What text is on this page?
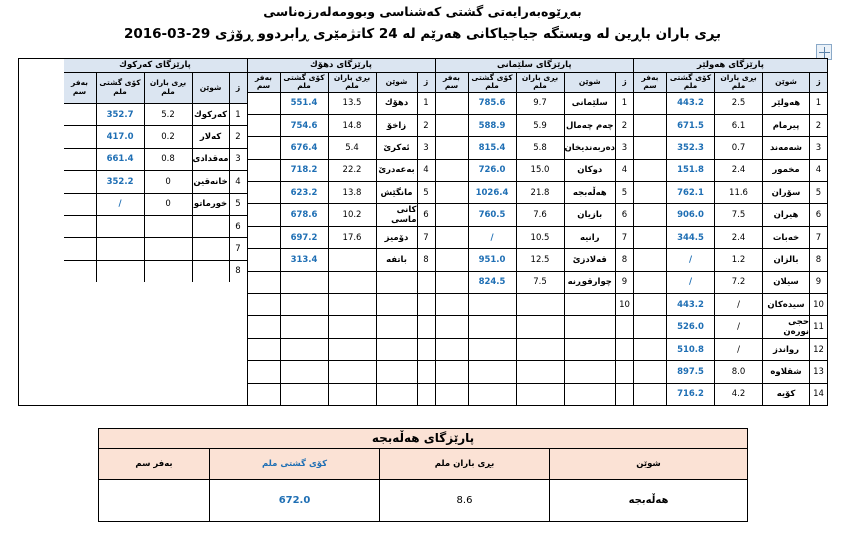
بەڕێوەبەرایەتی گشتی کەشناسی وبوومەلەرزەناسی
بڕی باران باڕین لە ویستگە جیاجیاکانی هەرێم لە 24 کاتژمێری ڕابردوو ڕۆژی 29-03-2016
پارێزگای هەولێر
ژ
شوێن
بڕی باران ملم
کۆی گشتی ملم
بەفر سم
1
هەولێر
2.5
443.2
2
پیرمام
6.1
671.5
3
شەمەند
0.7
352.3
4
مخمور
2.4
151.8
5
سۆران
11.6
762.1
6
هیران
7.5
906.0
7
خەبات
2.4
344.5
8
بالزان
1.2
/
9
سیلان
7.2
/
10
سیدەکان
/
443.2
11
حجی نورەن
/
526.0
12
رواندز
/
510.8
13
شقلاوە
8.0
897.5
14
کۆیە
4.2
716.2
پارێزگای سلێمانی
ژ
شوێن
بڕی باران ملم
کۆی گشتی ملم
بەفر سم
1
سلێمانی
9.7
785.6
2
چەم چەمال
5.9
588.9
3
دەربەندیخان
5.8
815.4
4
دوکان
15.0
726.0
5
هەڵەبجە
21.8
1026.4
6
بازیان
7.6
760.5
7
رانیە
10.5
/
8
قەلادزێ
12.5
951.0
9
چوارقوڕنە
7.5
824.5
10
پارێزگای دهۆك
ژ
شوێن
بڕی باران ملم
کۆی گشتی ملم
بەفر سم
1
دهۆك
13.5
551.4
2
زاخۆ
14.8
754.6
3
ئەکرێ
5.4
676.4
4
بەعەدرێ
22.2
718.2
5
مانگێش
13.8
623.2
6
کانی ماسی
10.2
678.6
7
دۆمیز
17.6
697.2
8
باتفە
313.4
پارێزگای کەرکوك
ژ
شوێن
بڕی باران ملم
کۆی گشتی ملم
بەفر سم
1
کەرکوك
5.2
352.7
2
کەلار
0.2
417.0
3
مەقدادی
0.8
661.4
4
خانەقین
0
352.2
5
خورماتو
0
/
6
7
8
پارێزگای هەڵەبجە
شوێن
بڕی باران ملم
کۆی گشتی ملم
بەفر سم
هەڵەبجە
8.6
672.0
